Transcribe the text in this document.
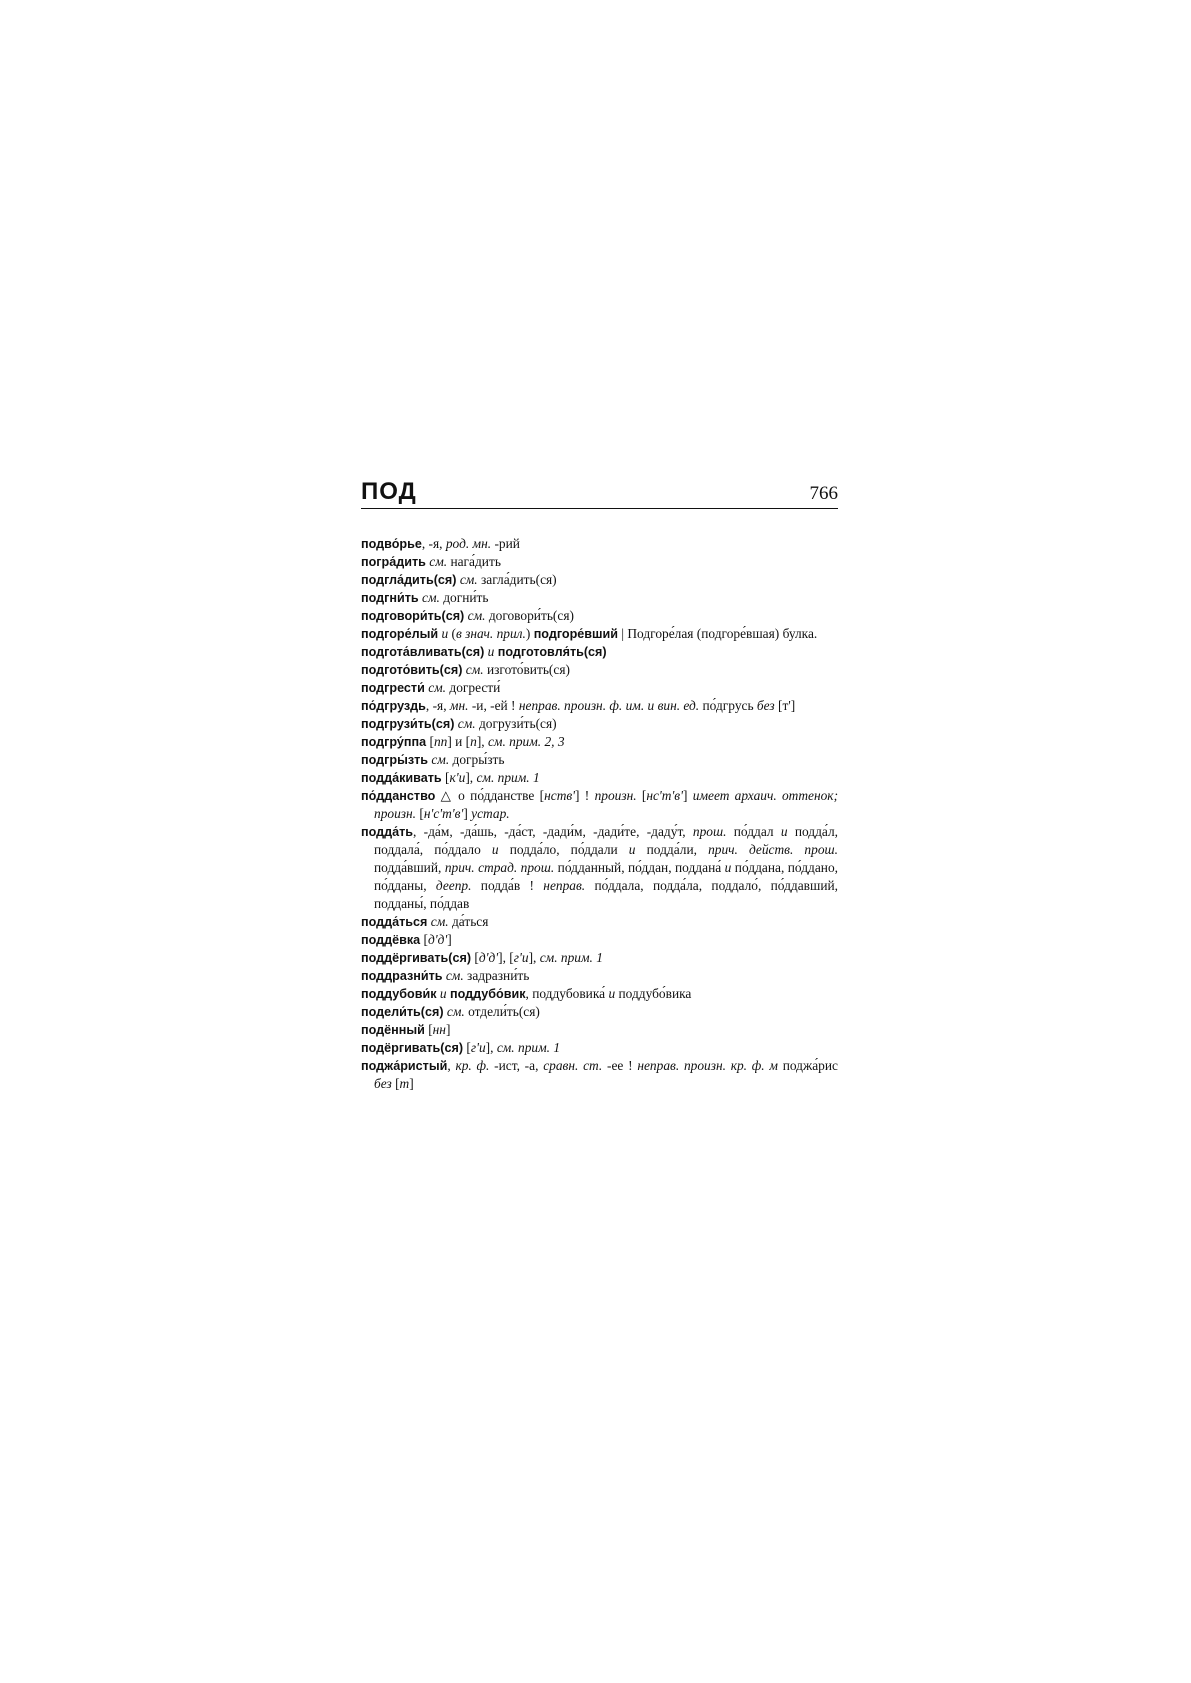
ПОД	766
подво́рье, -я, род. мн. -рий
погра́дить см. нага́дить
подгла́дить(ся) см. загла́дить(ся)
подгни́ть см. догни́ть
подговори́ть(ся) см. договори́ть(ся)
подгоре́лый и (в знач. прил.) подгоре́вший | Подгоре́лая (подгоре́вшая) булка.
подгота́вливать(ся) и подготовля́ть(ся)
подгото́вить(ся) см. изгото́вить(ся)
подгрести́ см. догрести́
по́дгруздь, -я, мн. -и, -ей ! неправ. произн. ф. им. и вин. ед. по́дгрусь без [т']
подгрузи́ть(ся) см. догрузи́ть(ся)
подгру́ппа [пп] и [п], см. прим. 2, 3
подгры́зть см. догры́зть
подда́кивать [к'и], см. прим. 1
по́дданство △ о по́дданстве [нств'] ! произн. [нс'т'в'] имеет архаич. оттенок; произн. [н'с'т'в'] устар.
подда́ть, -да́м, -да́шь, -да́ст, -дади́м, -дади́те, -даду́т, прош. по́ддал и подда́л, поддала́, по́ддало и подда́ло, по́ддали и подда́ли, прич. действ. прош. подда́вший, прич. страд. прош. по́дданный, по́ддан, поддана́ и по́ддана, по́ддано, по́дданы, деепр. подда́в ! неправ. по́ддала, подда́ла, поддало́, по́ддавший, подданы́, по́ддав
подда́ться см. да́ться
поддёвка [д'д']
поддёргивать(ся) [д'д'], [г'и], см. прим. 1
поддразни́ть см. задразни́ть
поддубови́к и поддубо́вик, поддубовика́ и поддубо́вика
подели́ть(ся) см. отдели́ть(ся)
подённый [нн]
подёргивать(ся) [г'и], см. прим. 1
поджа́ристый, кр. ф. -ист, -а, сравн. ст. -ее ! неправ. произн. кр. ф. м поджа́рис без [т]
